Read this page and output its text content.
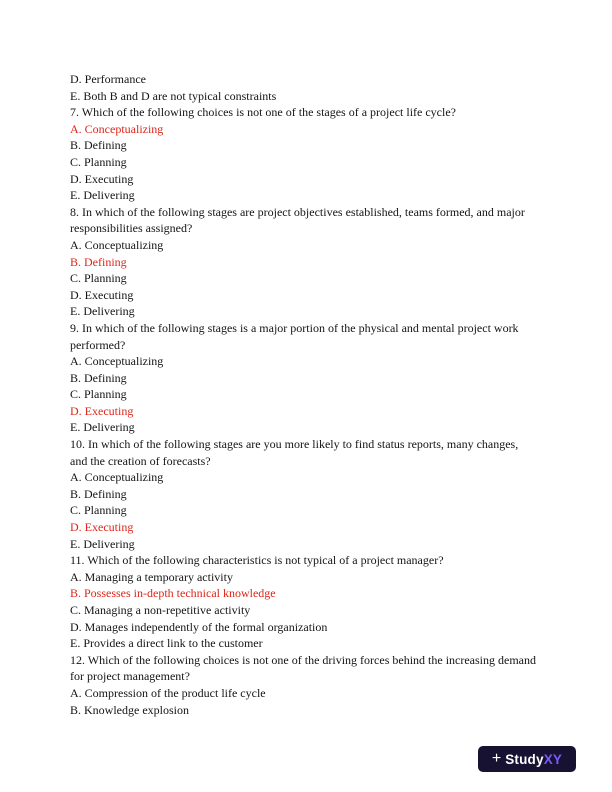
D. Performance
E. Both B and D are not typical constraints
7. Which of the following choices is not one of the stages of a project life cycle?
A. Conceptualizing
B. Defining
C. Planning
D. Executing
E. Delivering
8. In which of the following stages are project objectives established, teams formed, and major
responsibilities assigned?
A. Conceptualizing
B. Defining
C. Planning
D. Executing
E. Delivering
9. In which of the following stages is a major portion of the physical and mental project work
performed?
A. Conceptualizing
B. Defining
C. Planning
D. Executing
E. Delivering
10. In which of the following stages are you more likely to find status reports, many changes,
and the creation of forecasts?
A. Conceptualizing
B. Defining
C. Planning
D. Executing
E. Delivering
11. Which of the following characteristics is not typical of a project manager?
A. Managing a temporary activity
B. Possesses in-depth technical knowledge
C. Managing a non-repetitive activity
D. Manages independently of the formal organization
E. Provides a direct link to the customer
12. Which of the following choices is not one of the driving forces behind the increasing demand
for project management?
A. Compression of the product life cycle
B. Knowledge explosion
+ StudyXY
